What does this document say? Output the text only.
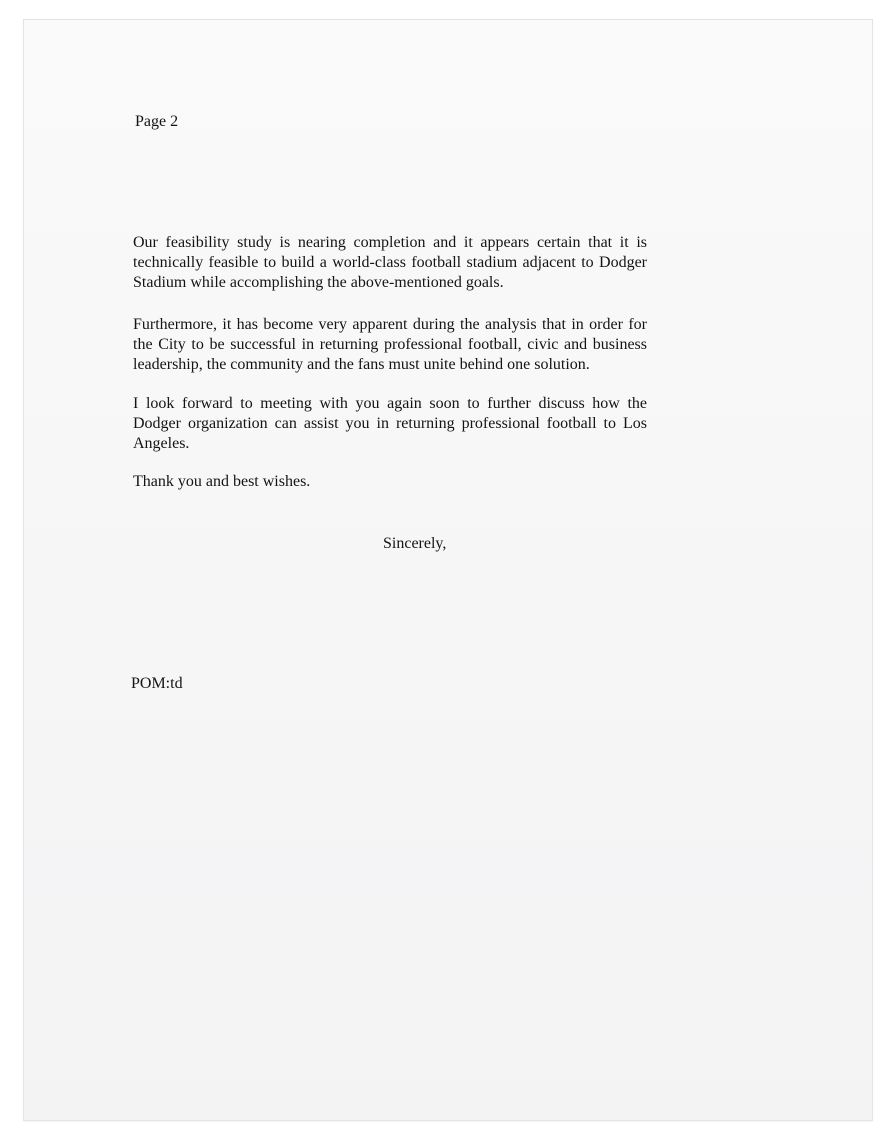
Page 2

Our feasibility study is nearing completion and it appears certain that it is technically feasible to build a world-class football stadium adjacent to Dodger Stadium while accomplishing the above-mentioned goals.

Furthermore, it has become very apparent during the analysis that in order for the City to be successful in returning professional football, civic and business leadership, the community and the fans must unite behind one solution.

I look forward to meeting with you again soon to further discuss how the Dodger organization can assist you in returning professional football to Los Angeles.

Thank you and best wishes.

Sincerely,

POM:td
